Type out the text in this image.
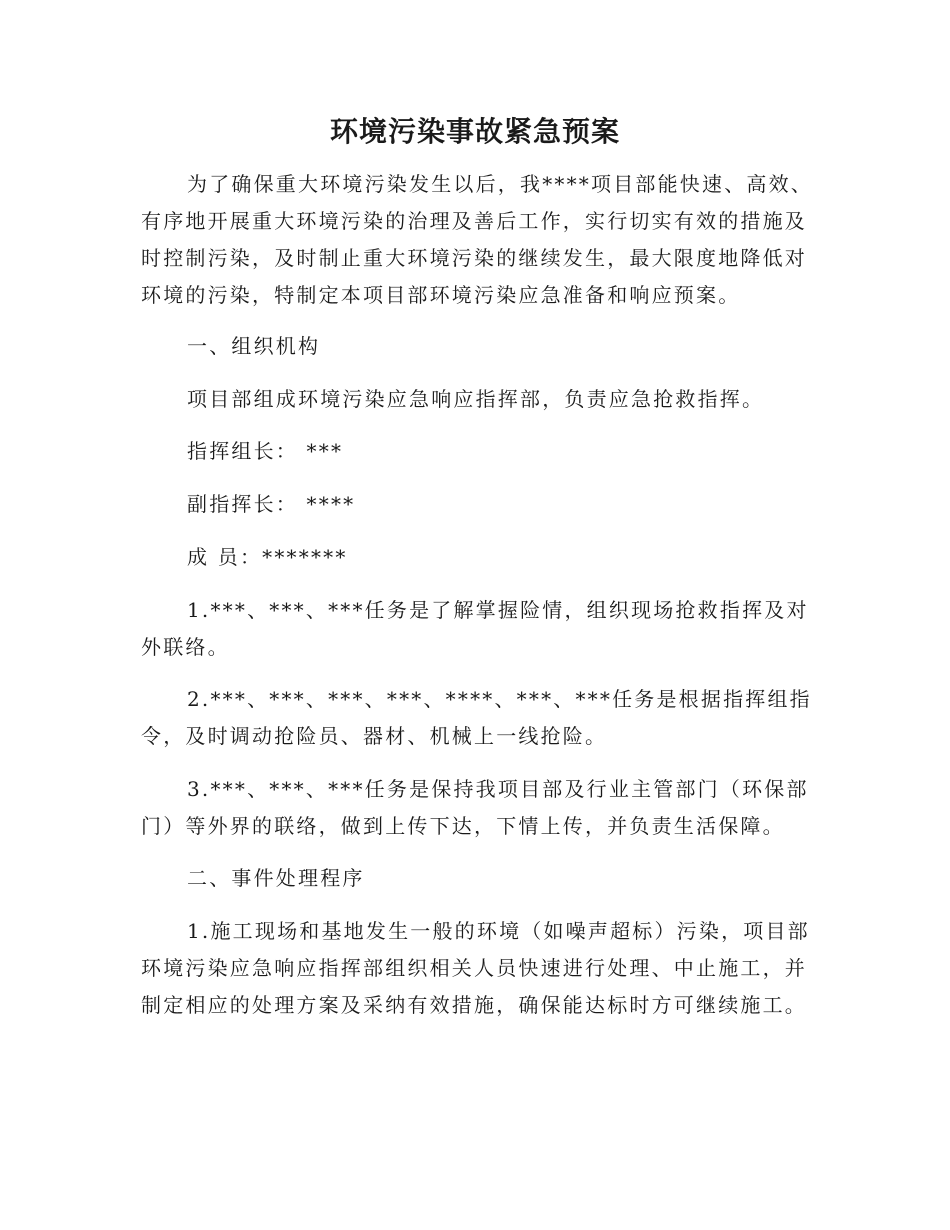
环境污染事故紧急预案

为了确保重大环境污染发生以后，我****项目部能快速、高效、有序地开展重大环境污染的治理及善后工作，实行切实有效的措施及时控制污染，及时制止重大环境污染的继续发生，最大限度地降低对环境的污染，特制定本项目部环境污染应急准备和响应预案。

一、组织机构

项目部组成环境污染应急响应指挥部，负责应急抢救指挥。

指挥组长： ***

副指挥长： ****

成 员：*******

1.***、***、***任务是了解掌握险情，组织现场抢救指挥及对外联络。

2.***、***、***、***、****、***、***任务是根据指挥组指令，及时调动抢险员、器材、机械上一线抢险。

3.***、***、***任务是保持我项目部及行业主管部门（环保部门）等外界的联络，做到上传下达，下情上传，并负责生活保障。

二、事件处理程序

1.施工现场和基地发生一般的环境（如噪声超标）污染，项目部环境污染应急响应指挥部组织相关人员快速进行处理、中止施工，并制定相应的处理方案及采纳有效措施，确保能达标时方可继续施工。
